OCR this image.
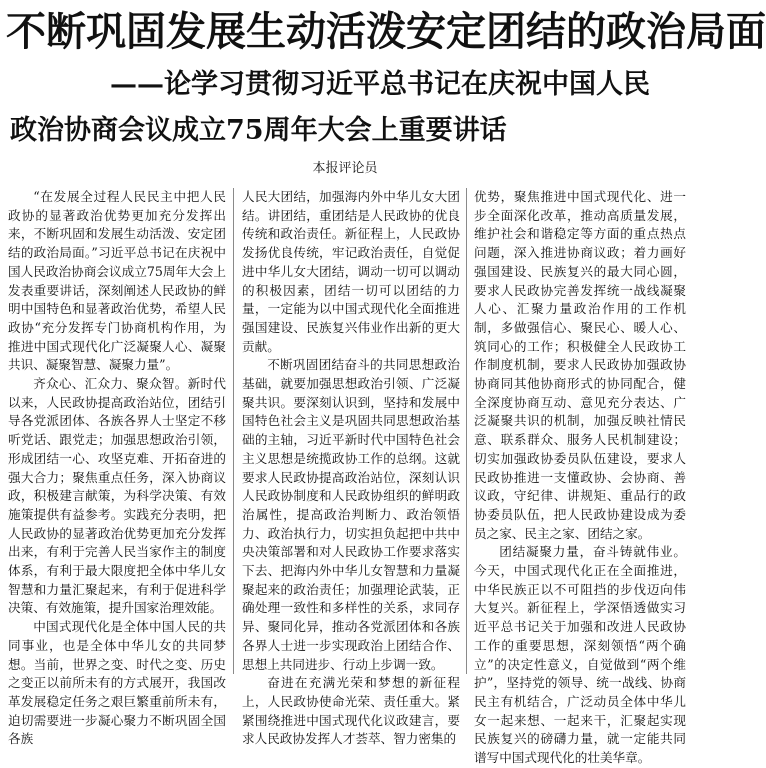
不断巩固发展生动活泼安定团结的政治局面
——论学习贯彻习近平总书记在庆祝中国人民
政治协商会议成立75周年大会上重要讲话
本报评论员

“在发展全过程人民民主中把人民政协的显著政治优势更加充分发挥出来，不断巩固和发展生动活泼、安定团结的政治局面。”习近平总书记在庆祝中国人民政治协商会议成立75周年大会上发表重要讲话，深刻阐述人民政协的鲜明中国特色和显著政治优势，希望人民政协“充分发挥专门协商机构作用，为推进中国式现代化广泛凝聚人心、凝聚共识、凝聚智慧、凝聚力量”。

齐众心、汇众力、聚众智。新时代以来，人民政协提高政治站位，团结引导各党派团体、各族各界人士坚定不移听党话、跟党走；加强思想政治引领，形成团结一心、攻坚克难、开拓奋进的强大合力；聚焦重点任务，深入协商议政，积极建言献策，为科学决策、有效施策提供有益参考。实践充分表明，把人民政协的显著政治优势更加充分发挥出来，有利于完善人民当家作主的制度体系，有利于最大限度把全体中华儿女智慧和力量汇聚起来，有利于促进科学决策、有效施策，提升国家治理效能。

中国式现代化是全体中国人民的共同事业，也是全体中华儿女的共同梦想。当前，世界之变、时代之变、历史之变正以前所未有的方式展开，我国改革发展稳定任务之艰巨繁重前所未有，迫切需要进一步凝心聚力不断巩固全国各族

人民大团结，加强海内外中华儿女大团结。讲团结，重团结是人民政协的优良传统和政治责任。新征程上，人民政协发扬优良传统，牢记政治责任，自觉促进中华儿女大团结，调动一切可以调动的积极因素，团结一切可以团结的力量，一定能为以中国式现代化全面推进强国建设、民族复兴伟业作出新的更大贡献。

不断巩固团结奋斗的共同思想政治基础，就要加强思想政治引领、广泛凝聚共识。要深刻认识到，坚持和发展中国特色社会主义是巩固共同思想政治基础的主轴，习近平新时代中国特色社会主义思想是统揽政协工作的总纲。这就要求人民政协提高政治站位，深刻认识人民政协制度和人民政协组织的鲜明政治属性，提高政治判断力、政治领悟力、政治执行力，切实担负起把中共中央决策部署和对人民政协工作要求落实下去、把海内外中华儿女智慧和力量凝聚起来的政治责任；加强理论武装，正确处理一致性和多样性的关系，求同存异、聚同化异，推动各党派团体和各族各界人士进一步实现政治上团结合作、思想上共同进步、行动上步调一致。

奋进在充满光荣和梦想的新征程上，人民政协使命光荣、责任重大。紧紧围绕推进中国式现代化议政建言，要求人民政协发挥人才荟萃、智力密集的

优势，聚焦推进中国式现代化、进一步全面深化改革，推动高质量发展，维护社会和谐稳定等方面的重点热点问题，深入推进协商议政；着力画好强国建设、民族复兴的最大同心圆，要求人民政协完善发挥统一战线凝聚人心、汇聚力量政治作用的工作机制，多做强信心、聚民心、暖人心、筑同心的工作；积极健全人民政协工作制度机制，要求人民政协加强政协协商同其他协商形式的协同配合，健全深度协商互动、意见充分表达、广泛凝聚共识的机制，加强反映社情民意、联系群众、服务人民机制建设；切实加强政协委员队伍建设，要求人民政协推进一支懂政协、会协商、善议政，守纪律、讲规矩、重品行的政协委员队伍，把人民政协建设成为委员之家、民主之家、团结之家。

团结凝聚力量，奋斗铸就伟业。今天，中国式现代化正在全面推进，中华民族正以不可阻挡的步伐迈向伟大复兴。新征程上，学深悟透做实习近平总书记关于加强和改进人民政协工作的重要思想，深刻领悟“两个确立”的决定性意义，自觉做到“两个维护”，坚持党的领导、统一战线、协商民主有机结合，广泛动员全体中华儿女一起来想、一起来干，汇聚起实现民族复兴的磅礴力量，就一定能共同谱写中国式现代化的壮美华章。
